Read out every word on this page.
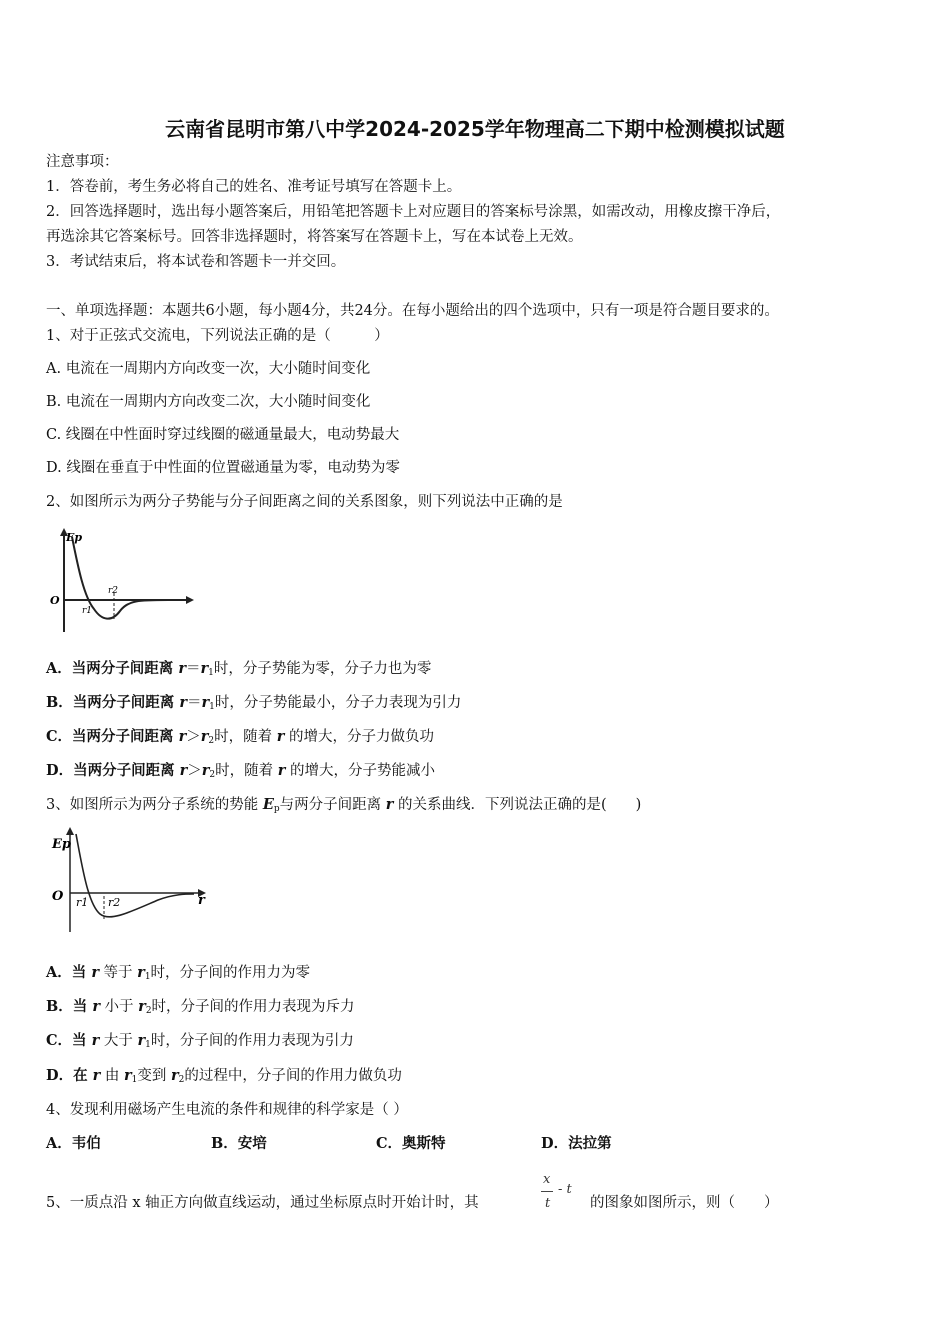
云南省昆明市第八中学2024-2025学年物理高二下期中检测模拟试题
注意事项：
1．答卷前，考生务必将自己的姓名、准考证号填写在答题卡上。
2．回答选择题时，选出每小题答案后，用铅笔把答题卡上对应题目的答案标号涂黑，如需改动，用橡皮擦干净后，
再选涂其它答案标号。回答非选择题时，将答案写在答题卡上，写在本试卷上无效。
3．考试结束后，将本试卷和答题卡一并交回。
一、单项选择题：本题共6小题，每小题4分，共24分。在每小题给出的四个选项中，只有一项是符合题目要求的。
1、对于正弦式交流电，下列说法正确的是（　　　）
A. 电流在一周期内方向改变一次，大小随时间变化
B. 电流在一周期内方向改变二次，大小随时间变化
C. 线圈在中性面时穿过线圈的磁通量最大，电动势最大
D. 线圈在垂直于中性面的位置磁通量为零，电动势为零
2、如图所示为两分子势能与分子间距离之间的关系图象，则下列说法中正确的是
Ep
O
r1
r2
A．当两分子间距离 $r=r_1$时，分子势能为零，分子力也为零
B．当两分子间距离 $r=r_1$时，分子势能最小，分子力表现为引力
C．当两分子间距离 $r>r_2$时，随着 r 的增大，分子力做负功
D．当两分子间距离 $r>r_2$时，随着 r 的增大，分子势能减小
3、如图所示为两分子系统的势能 $E_p$与两分子间距离 r 的关系曲线．下列说法正确的是(　　)
Ep
O r1 r2	r
A．当 r 等于 $r_1$时，分子间的作用力为零
B．当 r 小于 $r_2$时，分子间的作用力表现为斥力
C．当 r 大于 $r_1$时，分子间的作用力表现为引力
D．在 r 由 $r_1$变到 $r_2$的过程中，分子间的作用力做负功
4、发现利用磁场产生电流的条件和规律的科学家是（ ）
A．韦伯	B．安培	C．奥斯特	D．法拉第
5、一质点沿 x 轴正方向做直线运动，通过坐标原点时开始计时，其
x
t
- t
的图象如图所示，则（　　）
